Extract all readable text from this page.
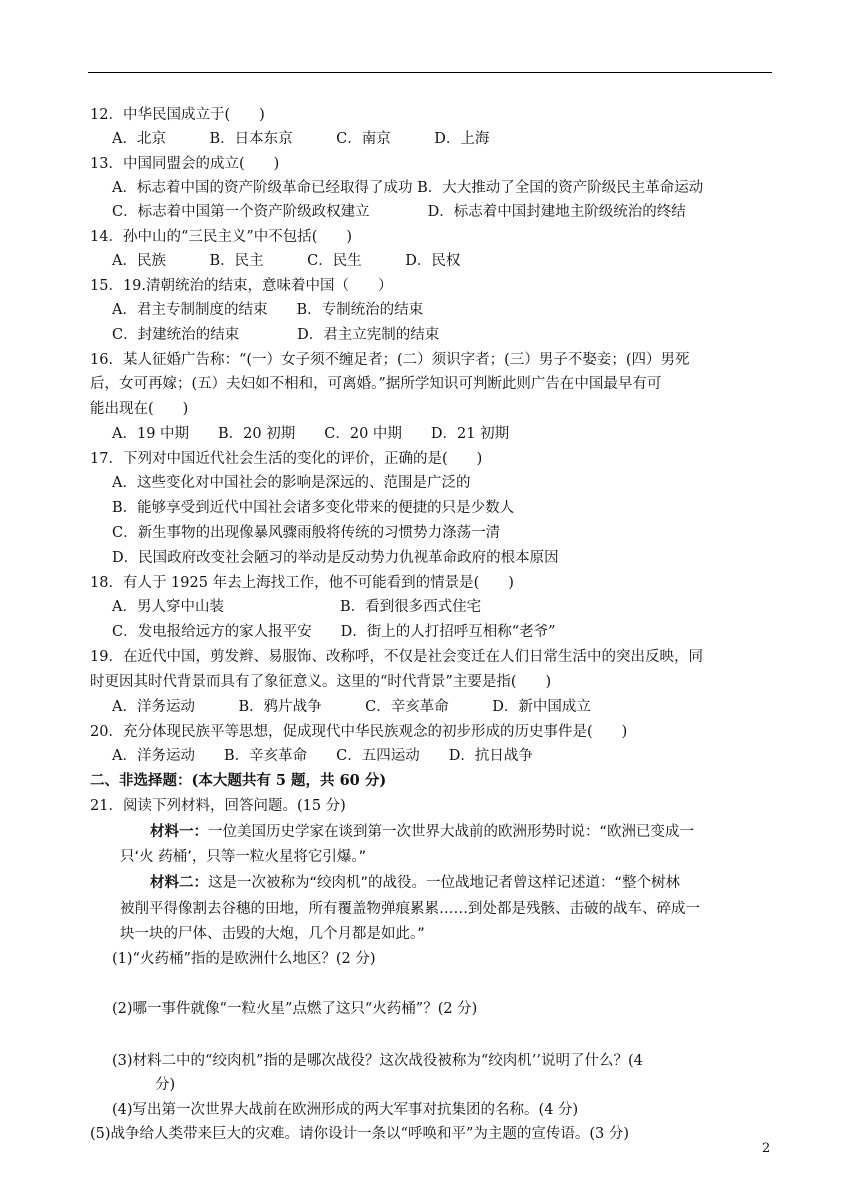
12．中华民国成立于(　　)
A．北京　　　B．日本东京　　　C．南京　　　D．上海
13．中国同盟会的成立(　　)
A．标志着中国的资产阶级革命已经取得了成功 B．大大推动了全国的资产阶级民主革命运动
C．标志着中国第一个资产阶级政权建立　　　　D．标志着中国封建地主阶级统治的终结
14．孙中山的“三民主义”中不包括(　　)
A．民族　　　B．民主　　　C．民生　　　D．民权
15．19.清朝统治的结束，意味着中国（　　）
A．君主专制制度的结束　　B．专制统治的结束
C．封建统治的结束　　　　D．君主立宪制的结束
16．某人征婚广告称：“(一）女子须不缠足者；(二）须识字者；(三）男子不娶妾；(四）男死
后，女可再嫁；(五）夫妇如不相和，可离婚。”据所学知识可判断此则广告在中国最早有可
能出现在(　　)
A．19 中期　　B．20 初期　　C．20 中期　　D．21 初期
17．下列对中国近代社会生活的变化的评价，正确的是(　　)
A．这些变化对中国社会的影响是深远的、范围是广泛的
B．能够享受到近代中国社会诸多变化带来的便捷的只是少数人
C．新生事物的出现像暴风骤雨般将传统的习惯势力涤荡一清
D．民国政府改变社会陋习的举动是反动势力仇视革命政府的根本原因
18．有人于 1925 年去上海找工作，他不可能看到的情景是(　　)
A．男人穿中山装　　　　　　　　B．看到很多西式住宅
C．发电报给远方的家人报平安　　D．街上的人打招呼互相称“老爷”
19．在近代中国，剪发辫、易服饰、改称呼，不仅是社会变迁在人们日常生活中的突出反映，同
时更因其时代背景而具有了象征意义。这里的“时代背景”主要是指(　　)
A．洋务运动　　　B．鸦片战争　　　C．辛亥革命　　　D．新中国成立
20．充分体现民族平等思想，促成现代中华民族观念的初步形成的历史事件是(　　)
A．洋务运动　　B．辛亥革命　　C．五四运动　　D．抗日战争
二、非选择题：(本大题共有 5 题，共 60 分)
21．阅读下列材料，回答问题。(15 分)
材料一：一位美国历史学家在谈到第一次世界大战前的欧洲形势时说：“欧洲已变成一
只‘火 药桶’，只等一粒火星将它引爆。”
材料二：这是一次被称为“绞肉机”的战役。一位战地记者曾这样记述道：“整个树林
被削平得像割去谷穗的田地，所有覆盖物弹痕累累……到处都是残骸、击破的战车、碎成一
块一块的尸体、击毁的大炮，几个月都是如此。”
(1)“火药桶”指的是欧洲什么地区？(2 分)
(2)哪一事件就像“一粒火星”点燃了这只“火药桶”？(2 分)
(3)材料二中的“绞肉机”指的是哪次战役？这次战役被称为“绞肉机’’说明了什么？(4
分)
(4)写出第一次世界大战前在欧洲形成的两大军事对抗集团的名称。(4 分)
(5)战争给人类带来巨大的灾难。请你设计一条以“呼唤和平”为主题的宣传语。(3 分)
2
